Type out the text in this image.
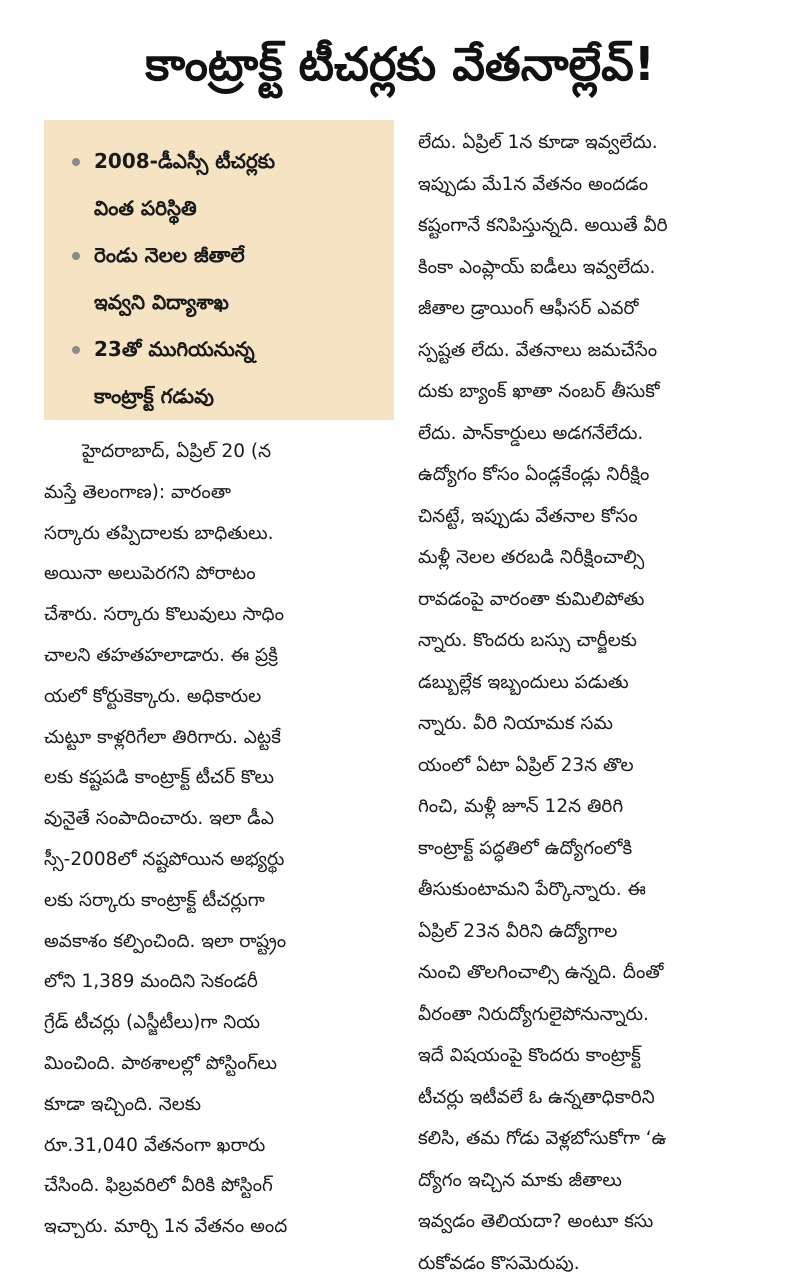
కాంట్రాక్ట్ టీచర్లకు వేతనాల్లేవ్!
2008-డీఎస్సీ టీచర్లకు
వింత పరిస్థితి
రెండు నెలల జీతాలే
ఇవ్వని విద్యాశాఖ
23తో ముగియనున్న
కాంట్రాక్ట్ గడువు
హైదరాబాద్, ఏప్రిల్ 20 (న
మస్తే తెలంగాణ): వారంతా
సర్కారు తప్పిదాలకు బాధితులు.
అయినా అలుపెరగని పోరాటం
చేశారు. సర్కారు కొలువులు సాధిం
చాలని తహతహలాడారు. ఈ ప్రక్రి
యలో కోర్టుకెక్కారు. అధికారుల
చుట్టూ కాళ్లరిగేలా తిరిగారు. ఎట్టకే
లకు కష్టపడి కాంట్రాక్ట్ టీచర్ కొలు
వునైతే సంపాదించారు. ఇలా డీఎ
స్సీ-2008లో నష్టపోయిన అభ్యర్థు
లకు సర్కారు కాంట్రాక్ట్ టీచర్లుగా
అవకాశం కల్పించింది. ఇలా రాష్ట్రం
లోని 1,389 మందిని సెకండరీ
గ్రేడ్ టీచర్లు (ఎస్జీటీలు)గా నియ
మించింది. పాఠశాలల్లో పోస్టింగ్‌లు
కూడా ఇచ్చింది. నెలకు
రూ.31,040 వేతనంగా ఖరారు
చేసింది. ఫిబ్రవరిలో వీరికి పోస్టింగ్
ఇచ్చారు. మార్చి 1న వేతనం అంద
లేదు. ఏప్రిల్ 1న కూడా ఇవ్వలేదు.
ఇప్పుడు మే1న వేతనం అందడం
కష్టంగానే కనిపిస్తున్నది. అయితే వీరి
కింకా ఎంప్లాయ్ ఐడీలు ఇవ్వలేదు.
జీతాల డ్రాయింగ్ ఆఫీసర్ ఎవరో
స్పష్టత లేదు. వేతనాలు జమచేసేం
దుకు బ్యాంక్ ఖాతా నంబర్ తీసుకో
లేదు. పాన్‌కార్డులు అడగనేలేదు.
ఉద్యోగం కోసం ఏండ్లకేండ్లు నిరీక్షిం
చినట్టే, ఇప్పుడు వేతనాల కోసం
మళ్లీ నెలల తరబడి నిరీక్షించాల్సి
రావడంపై వారంతా కుమిలిపోతు
న్నారు. కొందరు బస్సు చార్జీలకు
డబ్బుల్లేక ఇబ్బందులు పడుతు
న్నారు. వీరి నియామక సమ
యంలో ఏటా ఏప్రిల్ 23న తొల
గించి, మళ్లీ జూన్ 12న తిరిగి
కాంట్రాక్ట్ పద్ధతిలో ఉద్యోగంలోకి
తీసుకుంటామని పేర్కొన్నారు. ఈ
ఏప్రిల్ 23న వీరిని ఉద్యోగాల
నుంచి తొలగించాల్సి ఉన్నది. దీంతో
వీరంతా నిరుద్యోగులైపోనున్నారు.
ఇదే విషయంపై కొందరు కాంట్రాక్ట్
టీచర్లు ఇటీవలే ఓ ఉన్నతాధికారిని
కలిసి, తమ గోడు వెళ్లబోసుకోగా ‘ఉ
ద్యోగం ఇచ్చిన మాకు జీతాలు
ఇవ్వడం తెలియదా? అంటూ కసు
రుకోవడం కొసమెరుపు.
